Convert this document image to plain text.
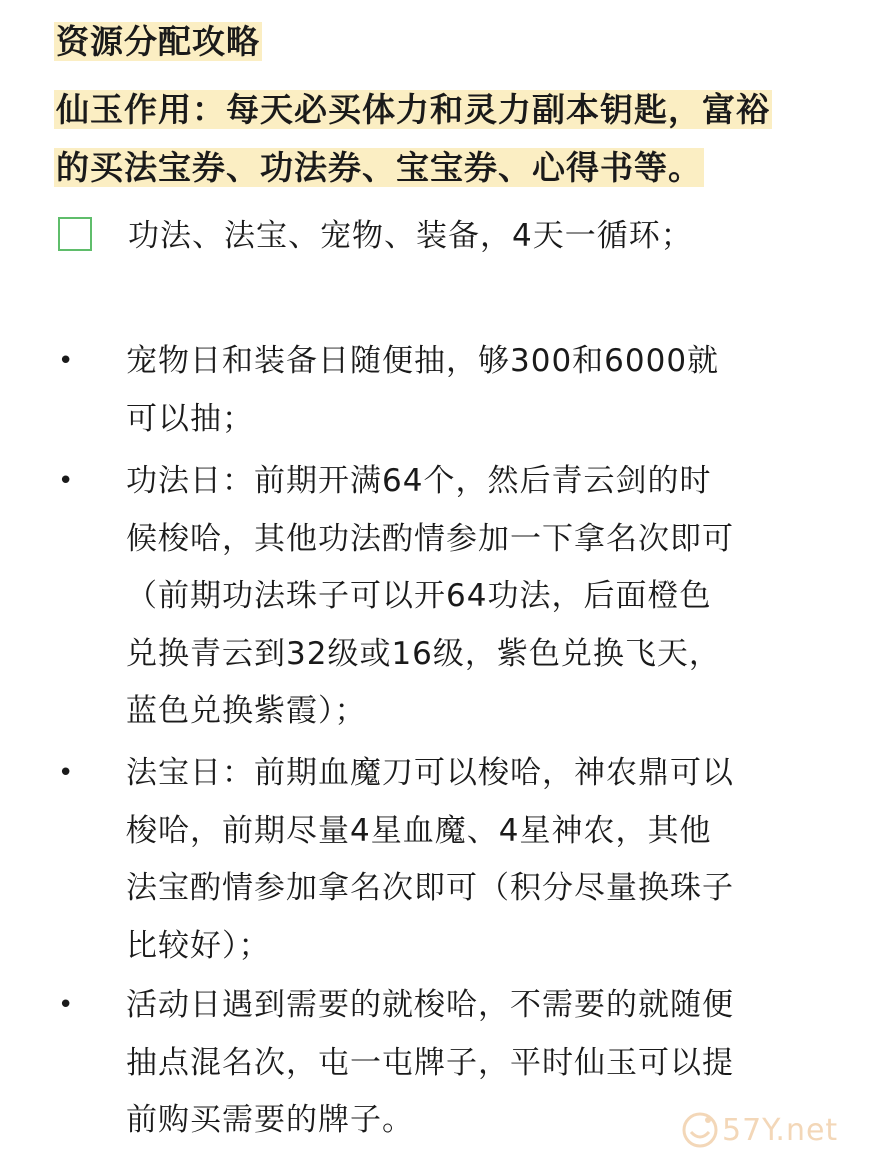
资源分配攻略
仙玉作用：每天必买体力和灵力副本钥匙，富裕
的买法宝券、功法券、宝宝券、心得书等。
功法、法宝、宠物、装备，4天一循环；
• 宠物日和装备日随便抽，够300和6000就
可以抽；
• 功法日：前期开满64个，然后青云剑的时
候梭哈，其他功法酌情参加一下拿名次即可
（前期功法珠子可以开64功法，后面橙色
兑换青云到32级或16级，紫色兑换飞天，
蓝色兑换紫霞）；
• 法宝日：前期血魔刀可以梭哈，神农鼎可以
梭哈，前期尽量4星血魔、4星神农，其他
法宝酌情参加拿名次即可（积分尽量换珠子
比较好）；
• 活动日遇到需要的就梭哈，不需要的就随便
抽点混名次，屯一屯牌子，平时仙玉可以提
前购买需要的牌子。	57Y.net
